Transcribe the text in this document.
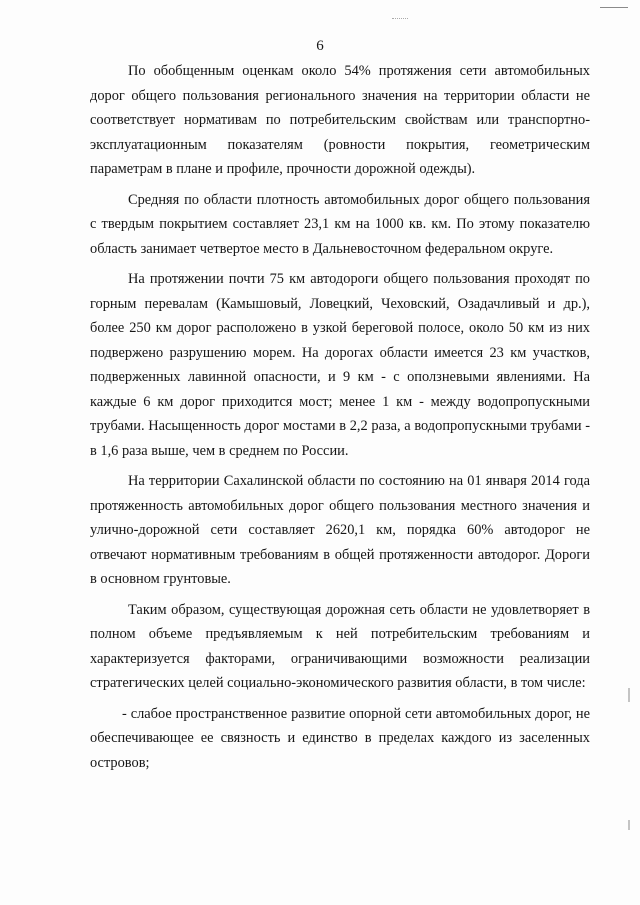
6

По обобщенным оценкам около 54% протяжения сети автомобильных дорог общего пользования регионального значения на территории области не соответствует нормативам по потребительским свойствам или транспортно-эксплуатационным показателям (ровности покрытия, геометрическим параметрам в плане и профиле, прочности дорожной одежды).

Средняя по области плотность автомобильных дорог общего пользования с твердым покрытием составляет 23,1 км на 1000 кв. км. По этому показателю область занимает четвертое место в Дальневосточном федеральном округе.

На протяжении почти 75 км автодороги общего пользования проходят по горным перевалам (Камышовый, Ловецкий, Чеховский, Озадачливый и др.), более 250 км дорог расположено в узкой береговой полосе, около 50 км из них подвержено разрушению морем. На дорогах области имеется 23 км участков, подверженных лавинной опасности, и 9 км - с оползневыми явлениями. На каждые 6 км дорог приходится мост; менее 1 км - между водопропускными трубами. Насыщенность дорог мостами в 2,2 раза, а водопропускными трубами - в 1,6 раза выше, чем в среднем по России.

На территории Сахалинской области по состоянию на 01 января 2014 года протяженность автомобильных дорог общего пользования местного значения и улично-дорожной сети составляет 2620,1 км, порядка 60% автодорог не отвечают нормативным требованиям в общей протяженности автодорог. Дороги в основном грунтовые.

Таким образом, существующая дорожная сеть области не удовлетворяет в полном объеме предъявляемым к ней потребительским требованиям и характеризуется факторами, ограничивающими возможности реализации стратегических целей социально-экономического развития области, в том числе:

- слабое пространственное развитие опорной сети автомобильных дорог, не обеспечивающее ее связность и единство в пределах каждого из заселенных островов;
